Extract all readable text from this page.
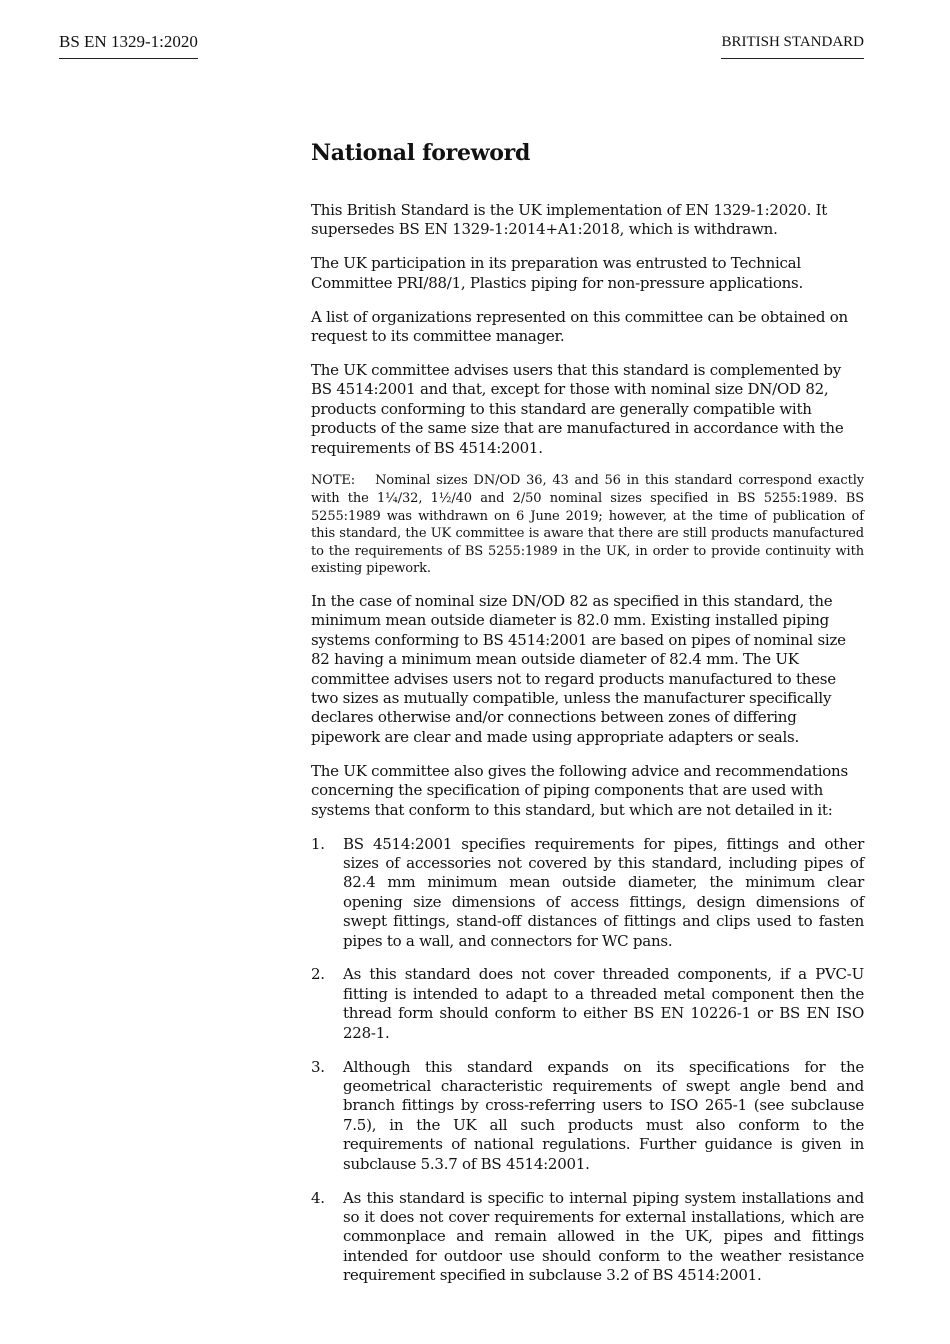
BS EN 1329-1:2020	BRITISH STANDARD
National foreword

This British Standard is the UK implementation of EN 1329-1:2020. It supersedes BS EN 1329-1:2014+A1:2018, which is withdrawn.

The UK participation in its preparation was entrusted to Technical Committee PRI/88/1, Plastics piping for non-pressure applications.

A list of organizations represented on this committee can be obtained on request to its committee manager.

The UK committee advises users that this standard is complemented by BS 4514:2001 and that, except for those with nominal size DN/OD 82, products conforming to this standard are generally compatible with products of the same size that are manufactured in accordance with the requirements of BS 4514:2001.

NOTE: Nominal sizes DN/OD 36, 43 and 56 in this standard correspond exactly with the 1¼/32, 1½/40 and 2/50 nominal sizes specified in BS 5255:1989. BS 5255:1989 was withdrawn on 6 June 2019; however, at the time of publication of this standard, the UK committee is aware that there are still products manufactured to the requirements of BS 5255:1989 in the UK, in order to provide continuity with existing pipework.

In the case of nominal size DN/OD 82 as specified in this standard, the minimum mean outside diameter is 82.0 mm. Existing installed piping systems conforming to BS 4514:2001 are based on pipes of nominal size 82 having a minimum mean outside diameter of 82.4 mm. The UK committee advises users not to regard products manufactured to these two sizes as mutually compatible, unless the manufacturer specifically declares otherwise and/or connections between zones of differing pipework are clear and made using appropriate adapters or seals.

The UK committee also gives the following advice and recommendations concerning the specification of piping components that are used with systems that conform to this standard, but which are not detailed in it:

1. BS 4514:2001 specifies requirements for pipes, fittings and other sizes of accessories not covered by this standard, including pipes of 82.4 mm minimum mean outside diameter, the minimum clear opening size dimensions of access fittings, design dimensions of swept fittings, stand-off distances of fittings and clips used to fasten pipes to a wall, and connectors for WC pans.
2. As this standard does not cover threaded components, if a PVC-U fitting is intended to adapt to a threaded metal component then the thread form should conform to either BS EN 10226-1 or BS EN ISO 228-1.
3. Although this standard expands on its specifications for the geometrical characteristic requirements of swept angle bend and branch fittings by cross-referring users to ISO 265-1 (see subclause 7.5), in the UK all such products must also conform to the requirements of national regulations. Further guidance is given in subclause 5.3.7 of BS 4514:2001.
4. As this standard is specific to internal piping system installations and so it does not cover requirements for external installations, which are commonplace and remain allowed in the UK, pipes and fittings intended for outdoor use should conform to the weather resistance requirement specified in subclause 3.2 of BS 4514:2001.
